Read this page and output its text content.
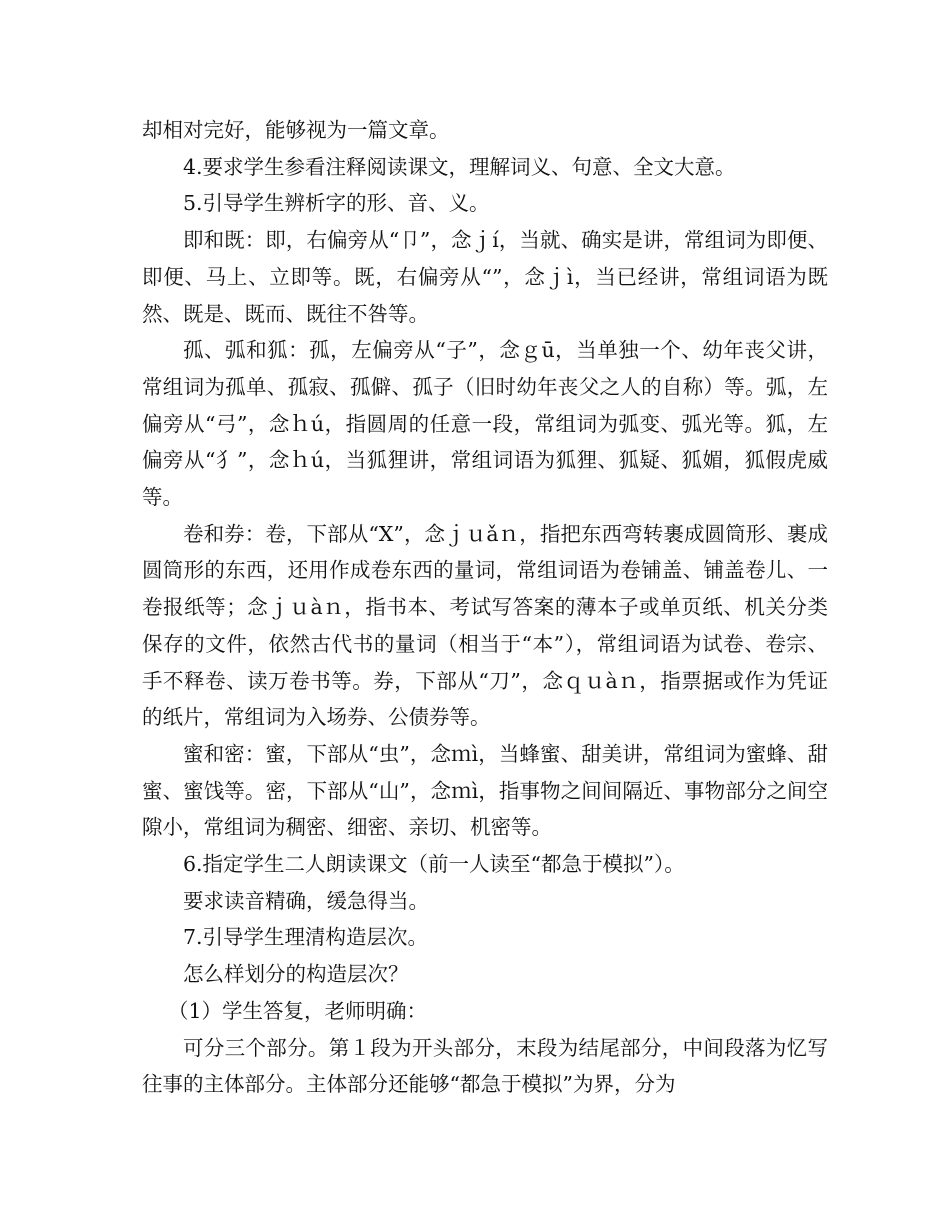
却相对完好，能够视为一篇文章。

4.要求学生参看注释阅读课文，理解词义、句意、全文大意。

5.引导学生辨析字的形、音、义。

即和既：即，右偏旁从“卩”，念ｊí，当就、确实是讲，常组词为即便、即便、马上、立即等。既，右偏旁从“”，念ｊì，当已经讲，常组词语为既然、既是、既而、既往不咎等。

孤、弧和狐：孤，左偏旁从“子”，念ｇū，当单独一个、幼年丧父讲，常组词为孤单、孤寂、孤僻、孤子（旧时幼年丧父之人的自称）等。弧，左偏旁从“弓”，念ｈú，指圆周的任意一段，常组词为弧变、弧光等。狐，左偏旁从“犭”，念ｈú，当狐狸讲，常组词语为狐狸、狐疑、狐媚，狐假虎威等。

卷和券：卷，下部从“X”，念ｊｕǎｎ，指把东西弯转裹成圆筒形、裹成圆筒形的东西，还用作成卷东西的量词，常组词语为卷铺盖、铺盖卷儿、一卷报纸等；念ｊｕàｎ，指书本、考试写答案的薄本子或单页纸、机关分类保存的文件，依然古代书的量词（相当于“本”），常组词语为试卷、卷宗、手不释卷、读万卷书等。券，下部从“刀”，念ｑｕàｎ，指票据或作为凭证的纸片，常组词为入场券、公债券等。

蜜和密：蜜，下部从“虫”，念ｍì，当蜂蜜、甜美讲，常组词为蜜蜂、甜蜜、蜜饯等。密，下部从“山”，念ｍì，指事物之间间隔近、事物部分之间空隙小，常组词为稠密、细密、亲切、机密等。

6.指定学生二人朗读课文（前一人读至“都急于模拟”）。

要求读音精确，缓急得当。

7.引导学生理清构造层次。

怎么样划分的构造层次？

（1）学生答复，老师明确：

可分三个部分。第１段为开头部分，末段为结尾部分，中间段落为忆写往事的主体部分。主体部分还能够“都急于模拟”为界，分为
